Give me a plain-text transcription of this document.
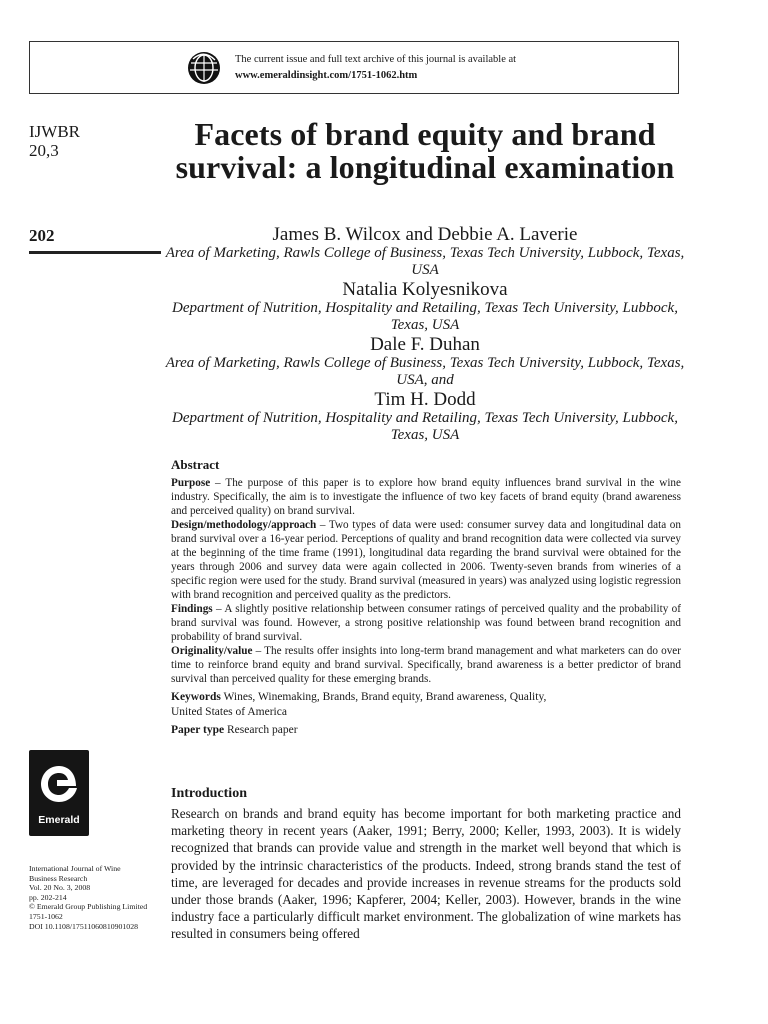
The current issue and full text archive of this journal is available at
www.emeraldinsight.com/1751-1062.htm
IJWBR
20,3
202
Facets of brand equity and brand survival: a longitudinal examination
James B. Wilcox and Debbie A. Laverie
Area of Marketing, Rawls College of Business, Texas Tech University, Lubbock, Texas, USA
Natalia Kolyesnikova
Department of Nutrition, Hospitality and Retailing, Texas Tech University, Lubbock, Texas, USA
Dale F. Duhan
Area of Marketing, Rawls College of Business, Texas Tech University, Lubbock, Texas, USA, and
Tim H. Dodd
Department of Nutrition, Hospitality and Retailing, Texas Tech University, Lubbock, Texas, USA
Abstract

Purpose – The purpose of this paper is to explore how brand equity influences brand survival in the wine industry. Specifically, the aim is to investigate the influence of two key facets of brand equity (brand awareness and perceived quality) on brand survival.

Design/methodology/approach – Two types of data were used: consumer survey data and longitudinal data on brand survival over a 16-year period. Perceptions of quality and brand recognition data were collected via survey at the beginning of the time frame (1991), longitudinal data regarding the brand survival were obtained for the years through 2006 and survey data were again collected in 2006. Twenty-seven brands from wineries of a specific region were used for the study. Brand survival (measured in years) was analyzed using logistic regression with brand recognition and perceived quality as the predictors.

Findings – A slightly positive relationship between consumer ratings of perceived quality and the probability of brand survival was found. However, a strong positive relationship was found between brand recognition and probability of brand survival.

Originality/value – The results offer insights into long-term brand management and what marketers can do over time to reinforce brand equity and brand survival. Specifically, brand awareness is a better predictor of brand survival than perceived quality for these emerging brands.

Keywords Wines, Winemaking, Brands, Brand equity, Brand awareness, Quality,
United States of America
Paper type Research paper
Emerald
International Journal of Wine
Business Research
Vol. 20 No. 3, 2008
pp. 202-214
© Emerald Group Publishing Limited
1751-1062
DOI 10.1108/17511060810901028
Introduction

Research on brands and brand equity has become important for both marketing practice and marketing theory in recent years (Aaker, 1991; Berry, 2000; Keller, 1993, 2003). It is widely recognized that brands can provide value and strength in the market well beyond that which is provided by the intrinsic characteristics of the products. Indeed, strong brands stand the test of time, are leveraged for decades and provide increases in revenue streams for the products sold under those brands (Aaker, 1996; Kapferer, 2004; Keller, 2003). However, brands in the wine industry face a particularly difficult market environment. The globalization of wine markets has resulted in consumers being offered
